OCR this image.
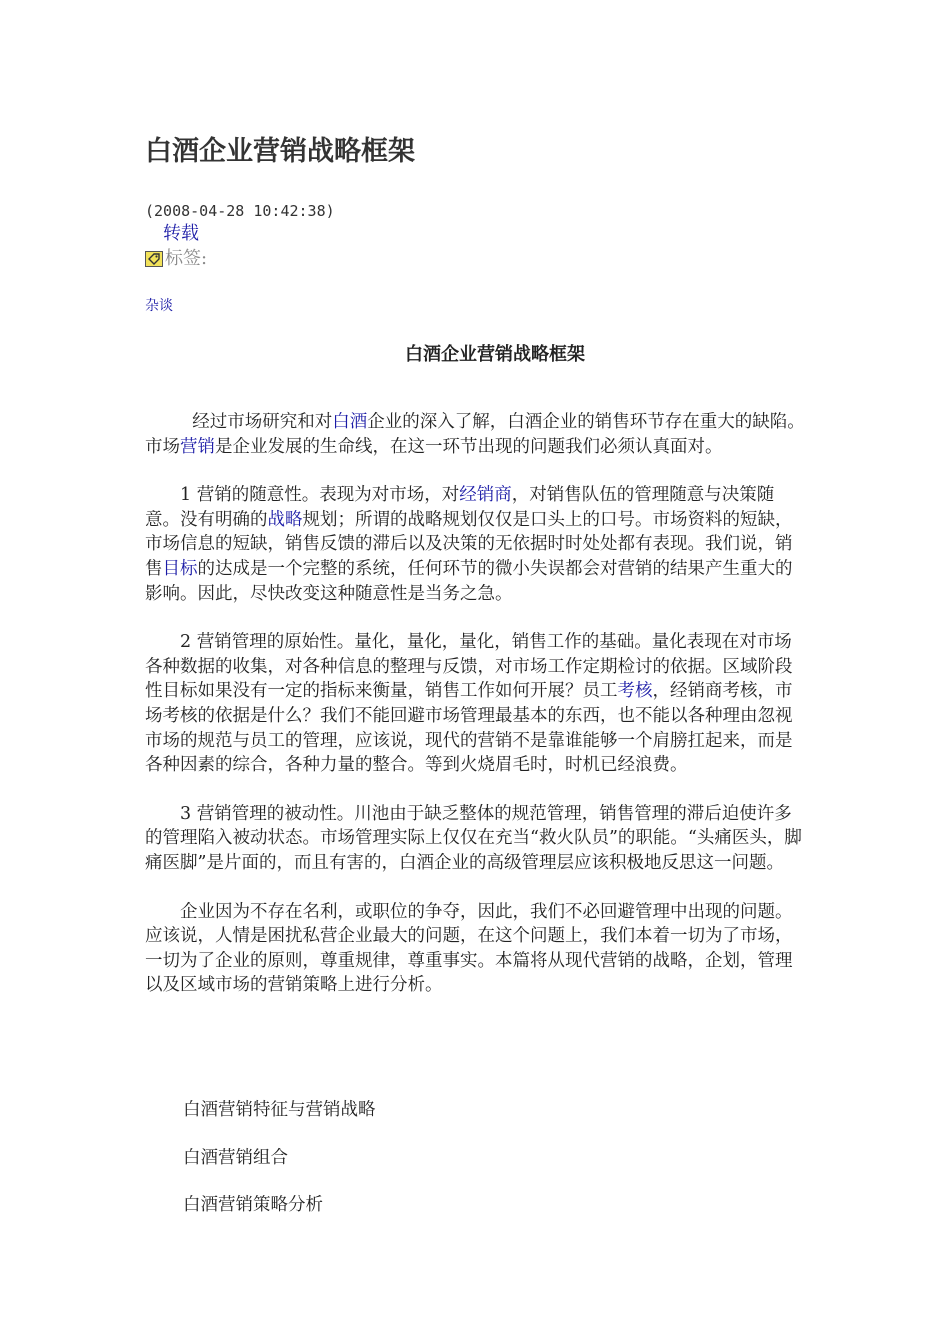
白酒企业营销战略框架
(2008-04-28 10:42:38)
转载
标签:
杂谈
白酒企业营销战略框架

经过市场研究和对白酒企业的深入了解，白酒企业的销售环节存在重大的缺陷。市场营销是企业发展的生命线，在这一环节出现的问题我们必须认真面对。

1 营销的随意性。表现为对市场，对经销商，对销售队伍的管理随意与决策随意。没有明确的战略规划；所谓的战略规划仅仅是口头上的口号。市场资料的短缺，市场信息的短缺，销售反馈的滞后以及决策的无依据时时处处都有表现。我们说，销售目标的达成是一个完整的系统，任何环节的微小失误都会对营销的结果产生重大的影响。因此，尽快改变这种随意性是当务之急。

2 营销管理的原始性。量化，量化，量化，销售工作的基础。量化表现在对市场各种数据的收集，对各种信息的整理与反馈，对市场工作定期检讨的依据。区域阶段性目标如果没有一定的指标来衡量，销售工作如何开展？员工考核，经销商考核，市场考核的依据是什么？我们不能回避市场管理最基本的东西，也不能以各种理由忽视市场的规范与员工的管理，应该说，现代的营销不是靠谁能够一个肩膀扛起来，而是各种因素的综合，各种力量的整合。等到火烧眉毛时，时机已经浪费。

3 营销管理的被动性。川池由于缺乏整体的规范管理，销售管理的滞后迫使许多的管理陷入被动状态。市场管理实际上仅仅在充当“救火队员”的职能。“头痛医头，脚痛医脚”是片面的，而且有害的，白酒企业的高级管理层应该积极地反思这一问题。

企业因为不存在名利，或职位的争夺，因此，我们不必回避管理中出现的问题。应该说，人情是困扰私营企业最大的问题，在这个问题上，我们本着一切为了市场，一切为了企业的原则，尊重规律，尊重事实。本篇将从现代营销的战略，企划，管理以及区域市场的营销策略上进行分析。

白酒营销特征与营销战略
白酒营销组合
白酒营销策略分析
